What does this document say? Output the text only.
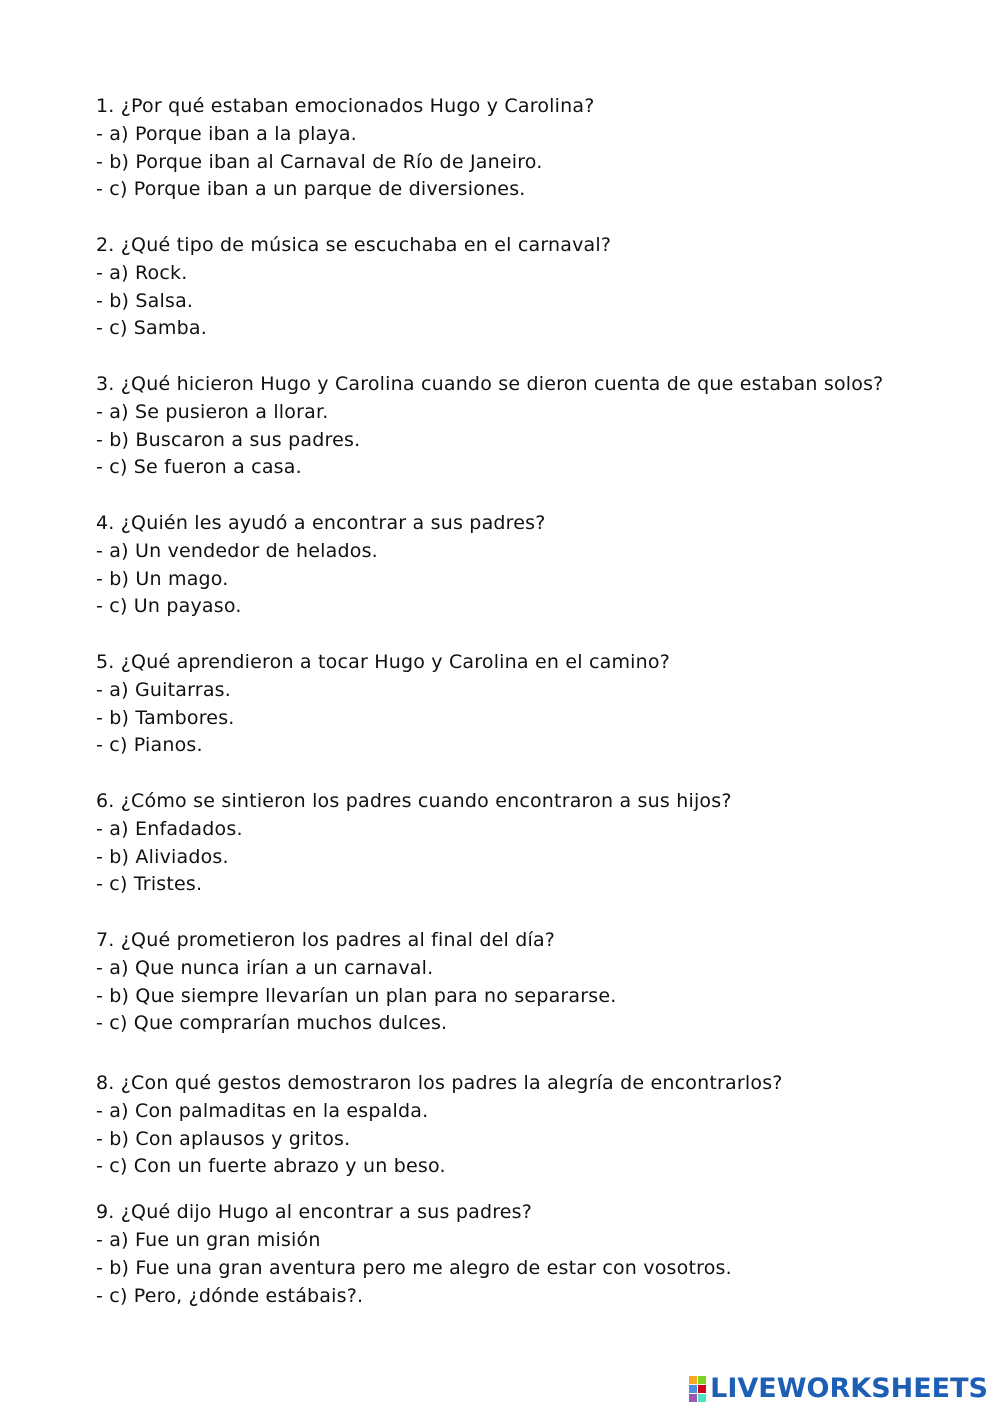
1. ¿Por qué estaban emocionados Hugo y Carolina?
- a) Porque iban a la playa.
- b) Porque iban al Carnaval de Río de Janeiro.
- c) Porque iban a un parque de diversiones.
2. ¿Qué tipo de música se escuchaba en el carnaval?
- a) Rock.
- b) Salsa.
- c) Samba.
3. ¿Qué hicieron Hugo y Carolina cuando se dieron cuenta de que estaban solos?
- a) Se pusieron a llorar.
- b) Buscaron a sus padres.
- c) Se fueron a casa.
4. ¿Quién les ayudó a encontrar a sus padres?
- a) Un vendedor de helados.
- b) Un mago.
- c) Un payaso.
5. ¿Qué aprendieron a tocar Hugo y Carolina en el camino?
- a) Guitarras.
- b) Tambores.
- c) Pianos.
6. ¿Cómo se sintieron los padres cuando encontraron a sus hijos?
- a) Enfadados.
- b) Aliviados.
- c) Tristes.
7. ¿Qué prometieron los padres al final del día?
- a) Que nunca irían a un carnaval.
- b) Que siempre llevarían un plan para no separarse.
- c) Que comprarían muchos dulces.
8. ¿Con qué gestos demostraron los padres la alegría de encontrarlos?
- a) Con palmaditas en la espalda.
- b) Con aplausos y gritos.
- c) Con un fuerte abrazo y un beso.
9. ¿Qué dijo Hugo al encontrar a sus padres?
- a) Fue un gran misión
- b) Fue una gran aventura pero me alegro de estar con vosotros.
- c) Pero, ¿dónde estábais?.
LIVEWORKSHEETS
